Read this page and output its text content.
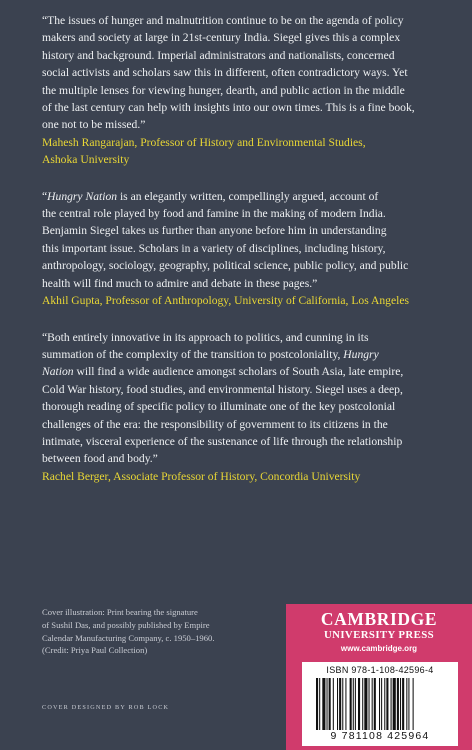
“The issues of hunger and malnutrition continue to be on the agenda of policy
makers and society at large in 21st-century India. Siegel gives this a complex
history and background. Imperial administrators and nationalists, concerned
social activists and scholars saw this in different, often contradictory ways. Yet
the multiple lenses for viewing hunger, dearth, and public action in the middle
of the last century can help with insights into our own times. This is a fine book,
one not to be missed.”

Mahesh Rangarajan, Professor of History and Environmental Studies,
Ashoka University

“Hungry Nation is an elegantly written, compellingly argued, account of
the central role played by food and famine in the making of modern India.
Benjamin Siegel takes us further than anyone before him in understanding
this important issue. Scholars in a variety of disciplines, including history,
anthropology, sociology, geography, political science, public policy, and public
health will find much to admire and debate in these pages.”

Akhil Gupta, Professor of Anthropology, University of California, Los Angeles

“Both entirely innovative in its approach to politics, and cunning in its
summation of the complexity of the transition to postcoloniality, Hungry
Nation will find a wide audience amongst scholars of South Asia, late empire,
Cold War history, food studies, and environmental history. Siegel uses a deep,
thorough reading of specific policy to illuminate one of the key postcolonial
challenges of the era: the responsibility of government to its citizens in the
intimate, visceral experience of the sustenance of life through the relationship
between food and body.”

Rachel Berger, Associate Professor of History, Concordia University

Cover illustration: Print bearing the signature
of Sushil Das, and possibly published by Empire
Calendar Manufacturing Company, c. 1950–1960.
(Credit: Priya Paul Collection)
COVER DESIGNED BY ROB LOCK
CAMBRIDGE
UNIVERSITY PRESS
www.cambridge.org
ISBN 978-1-108-42596-4
9 781108 425964
